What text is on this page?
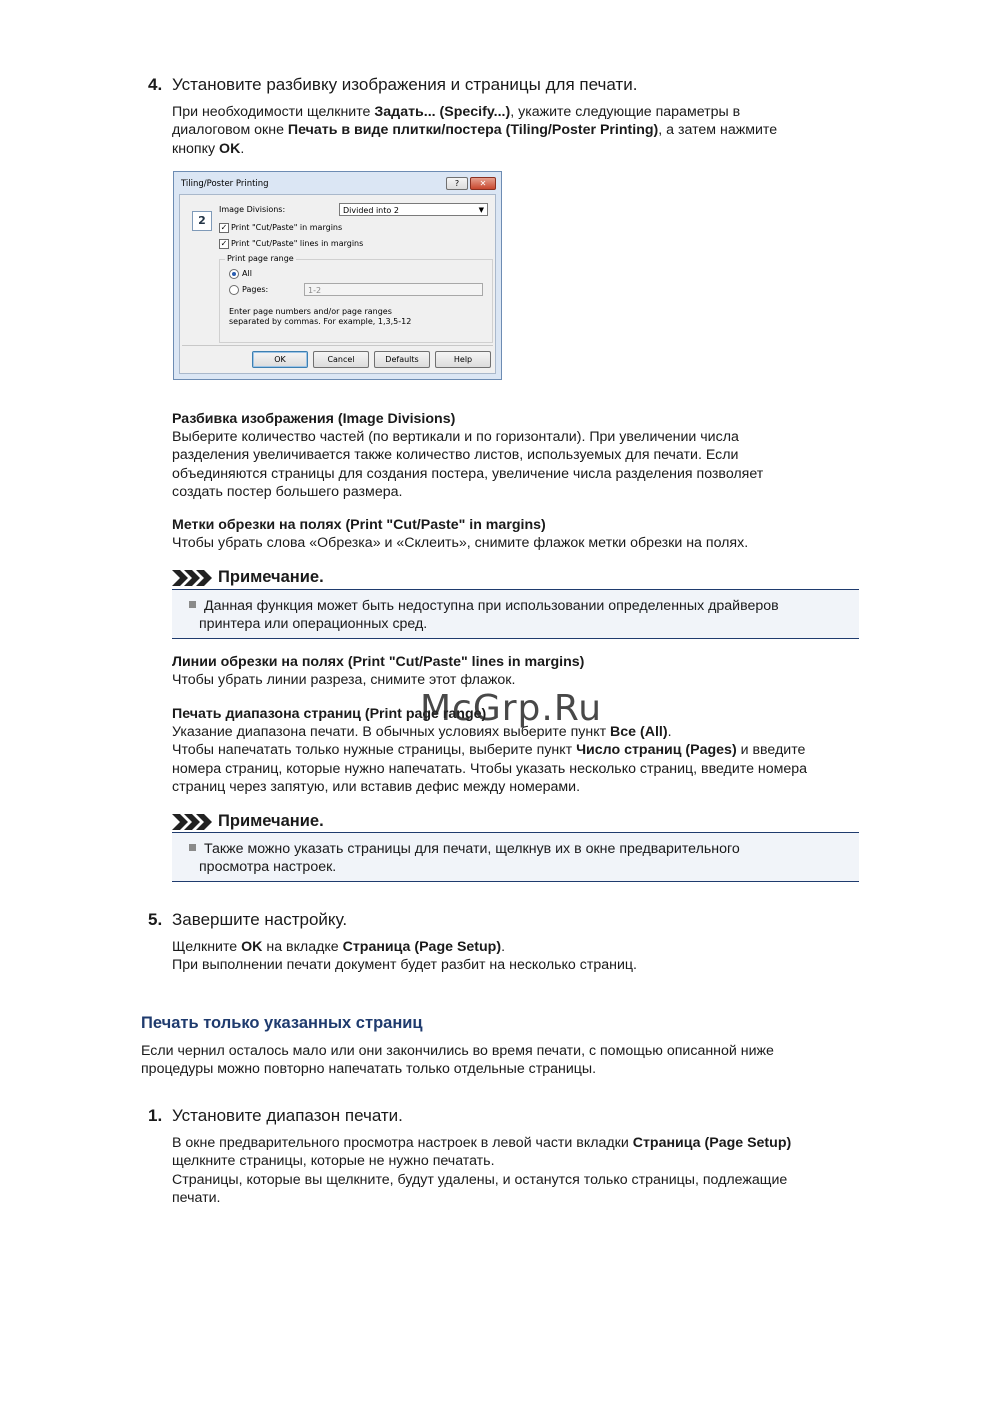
4. Установите разбивку изображения и страницы для печати.
При необходимости щелкните Задать... (Specify...), укажите следующие параметры в
диалоговом окне Печать в виде плитки/постера (Tiling/Poster Printing), а затем нажмите
кнопку OK.
Tiling/Poster Printing	?	✕
2
Image Divisions:	Divided into 2	▼
✓ Print "Cut/Paste" in margins
✓ Print "Cut/Paste" lines in margins
Print page range
All
Pages:	1-2
Enter page numbers and/or page ranges
separated by commas. For example, 1,3,5-12
OK	Cancel	Defaults	Help
Разбивка изображения (Image Divisions)
Выберите количество частей (по вертикали и по горизонтали). При увеличении числа
разделения увеличивается также количество листов, используемых для печати. Если
объединяются страницы для создания постера, увеличение числа разделения позволяет
создать постер большего размера.
Метки обрезки на полях (Print "Cut/Paste" in margins)
Чтобы убрать слова «Обрезка» и «Склеить», снимите флажок метки обрезки на полях.
Примечание.
Данная функция может быть недоступна при использовании определенных драйверов
принтера или операционных сред.
Линии обрезки на полях (Print "Cut/Paste" lines in margins)
Чтобы убрать линии разреза, снимите этот флажок.
Печать диапазона страниц (Print page range)
Указание диапазона печати. В обычных условиях выберите пункт Все (All).
Чтобы напечатать только нужные страницы, выберите пункт Число страниц (Pages) и введите
номера страниц, которые нужно напечатать. Чтобы указать несколько страниц, введите номера
страниц через запятую, или вставив дефис между номерами.
McGrp.Ru
Примечание.
Также можно указать страницы для печати, щелкнув их в окне предварительного
просмотра настроек.
5. Завершите настройку.
Щелкните OK на вкладке Страница (Page Setup).
При выполнении печати документ будет разбит на несколько страниц.
Печать только указанных страниц
Если чернил осталось мало или они закончились во время печати, с помощью описанной ниже
процедуры можно повторно напечатать только отдельные страницы.
1. Установите диапазон печати.
В окне предварительного просмотра настроек в левой части вкладки Страница (Page Setup)
щелкните страницы, которые не нужно печатать.
Страницы, которые вы щелкните, будут удалены, и останутся только страницы, подлежащие
печати.
